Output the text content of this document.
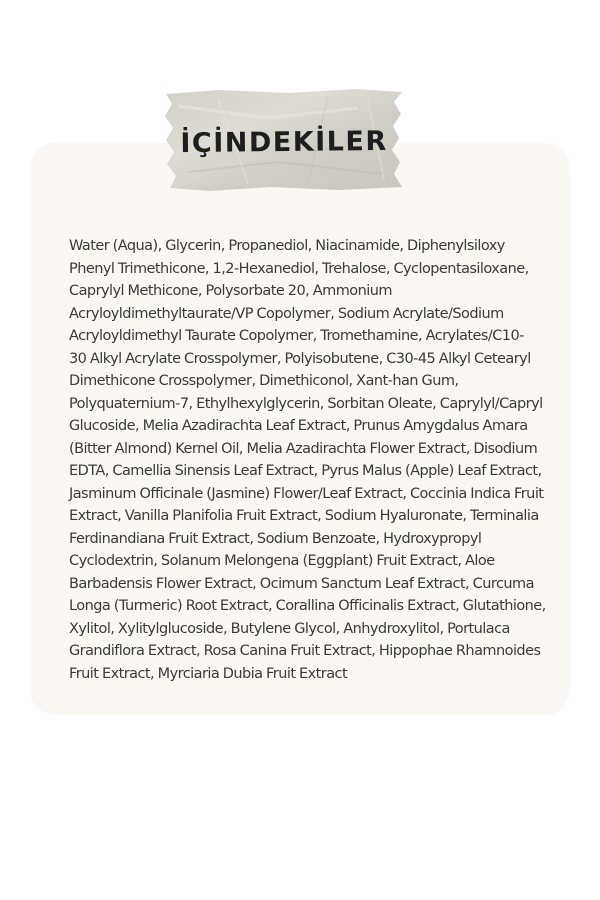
İÇİNDEKİLER
Water (Aqua), Glycerin, Propanediol, Niacinamide, Diphenylsiloxy
Phenyl Trimethicone, 1,2-Hexanediol, Trehalose, Cyclopentasiloxane,
Caprylyl Methicone, Polysorbate 20, Ammonium
Acryloyldimethyltaurate/VP Copolymer, Sodium Acrylate/Sodium
Acryloyldimethyl Taurate Copolymer, Tromethamine, Acrylates/C10-
30 Alkyl Acrylate Crosspolymer, Polyisobutene, C30-45 Alkyl Cetearyl
Dimethicone Crosspolymer, Dimethiconol, Xant-han Gum,
Polyquaternium-7, Ethylhexylglycerin, Sorbitan Oleate, Caprylyl/Capryl
Glucoside, Melia Azadirachta Leaf Extract, Prunus Amygdalus Amara
(Bitter Almond) Kernel Oil, Melia Azadirachta Flower Extract, Disodium
EDTA, Camellia Sinensis Leaf Extract, Pyrus Malus (Apple) Leaf Extract,
Jasminum Officinale (Jasmine) Flower/Leaf Extract, Coccinia Indica Fruit
Extract, Vanilla Planifolia Fruit Extract, Sodium Hyaluronate, Terminalia
Ferdinandiana Fruit Extract, Sodium Benzoate, Hydroxypropyl
Cyclodextrin, Solanum Melongena (Eggplant) Fruit Extract, Aloe
Barbadensis Flower Extract, Ocimum Sanctum Leaf Extract, Curcuma
Longa (Turmeric) Root Extract, Corallina Officinalis Extract, Glutathione,
Xylitol, Xylitylglucoside, Butylene Glycol, Anhydroxylitol, Portulaca
Grandiflora Extract, Rosa Canina Fruit Extract, Hippophae Rhamnoides
Fruit Extract, Myrciaria Dubia Fruit Extract
